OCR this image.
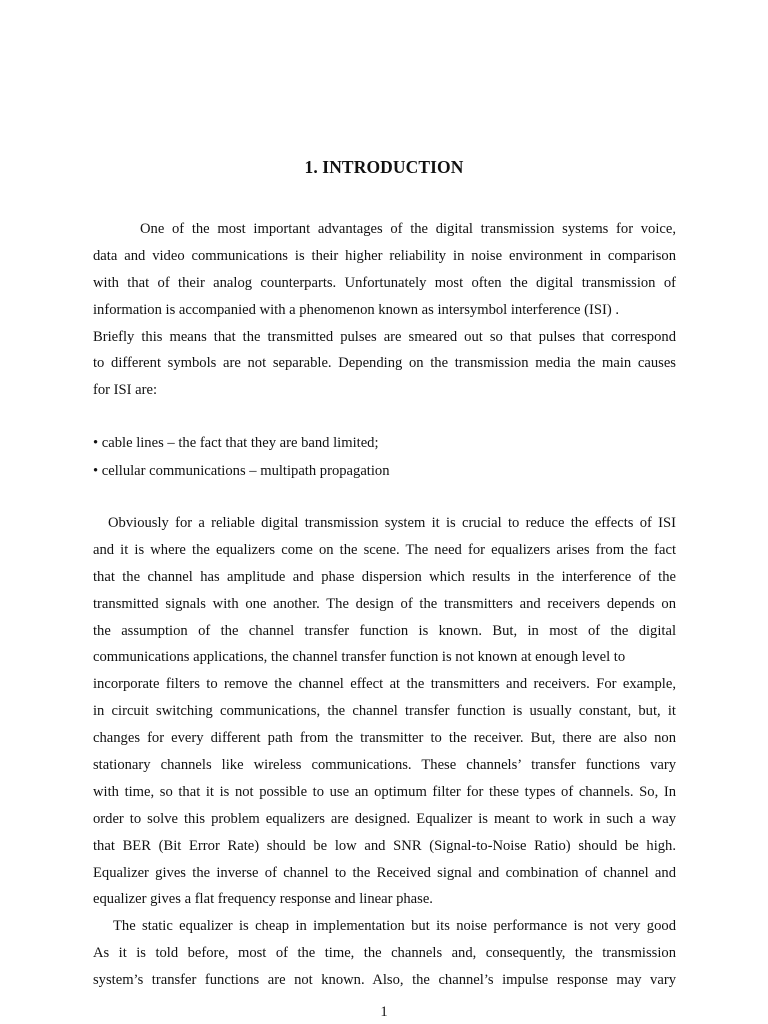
1. INTRODUCTION
One of the most important advantages of the digital transmission systems for voice,
data and video communications is their higher reliability in noise environment in comparison
with that of their analog counterparts. Unfortunately most often the digital transmission of
information is accompanied with a phenomenon known as intersymbol interference (ISI) .
Briefly this means that the transmitted pulses are smeared out so that pulses that correspond
to different symbols are not separable. Depending on the transmission media the main causes
for ISI are:
• cable lines – the fact that they are band limited;
• cellular communications – multipath propagation
Obviously for a reliable digital transmission system it is crucial to reduce the effects of ISI
and it is where the equalizers come on the scene. The need for equalizers arises from the fact
that the channel has amplitude and phase dispersion which results in the interference of the
transmitted signals with one another. The design of the transmitters and receivers depends on
the assumption of the channel transfer function is known. But, in most of the digital
communications applications, the channel transfer function is not known at enough level to
incorporate filters to remove the channel effect at the transmitters and receivers. For example,
in circuit switching communications, the channel transfer function is usually constant, but, it
changes for every different path from the transmitter to the receiver. But, there are also non
stationary channels like wireless communications. These channels’ transfer functions vary
with time, so that it is not possible to use an optimum filter for these types of channels. So, In
order to solve this problem equalizers are designed. Equalizer is meant to work in such a way
that BER (Bit Error Rate) should be low and SNR (Signal-to-Noise Ratio) should be high.
Equalizer gives the inverse of channel to the Received signal and combination of channel and
equalizer gives a flat frequency response and linear phase.
The static equalizer is cheap in implementation but its noise performance is not very good
As it is told before, most of the time, the channels and, consequently, the transmission
system’s transfer functions are not known. Also, the channel’s impulse response may vary
1
